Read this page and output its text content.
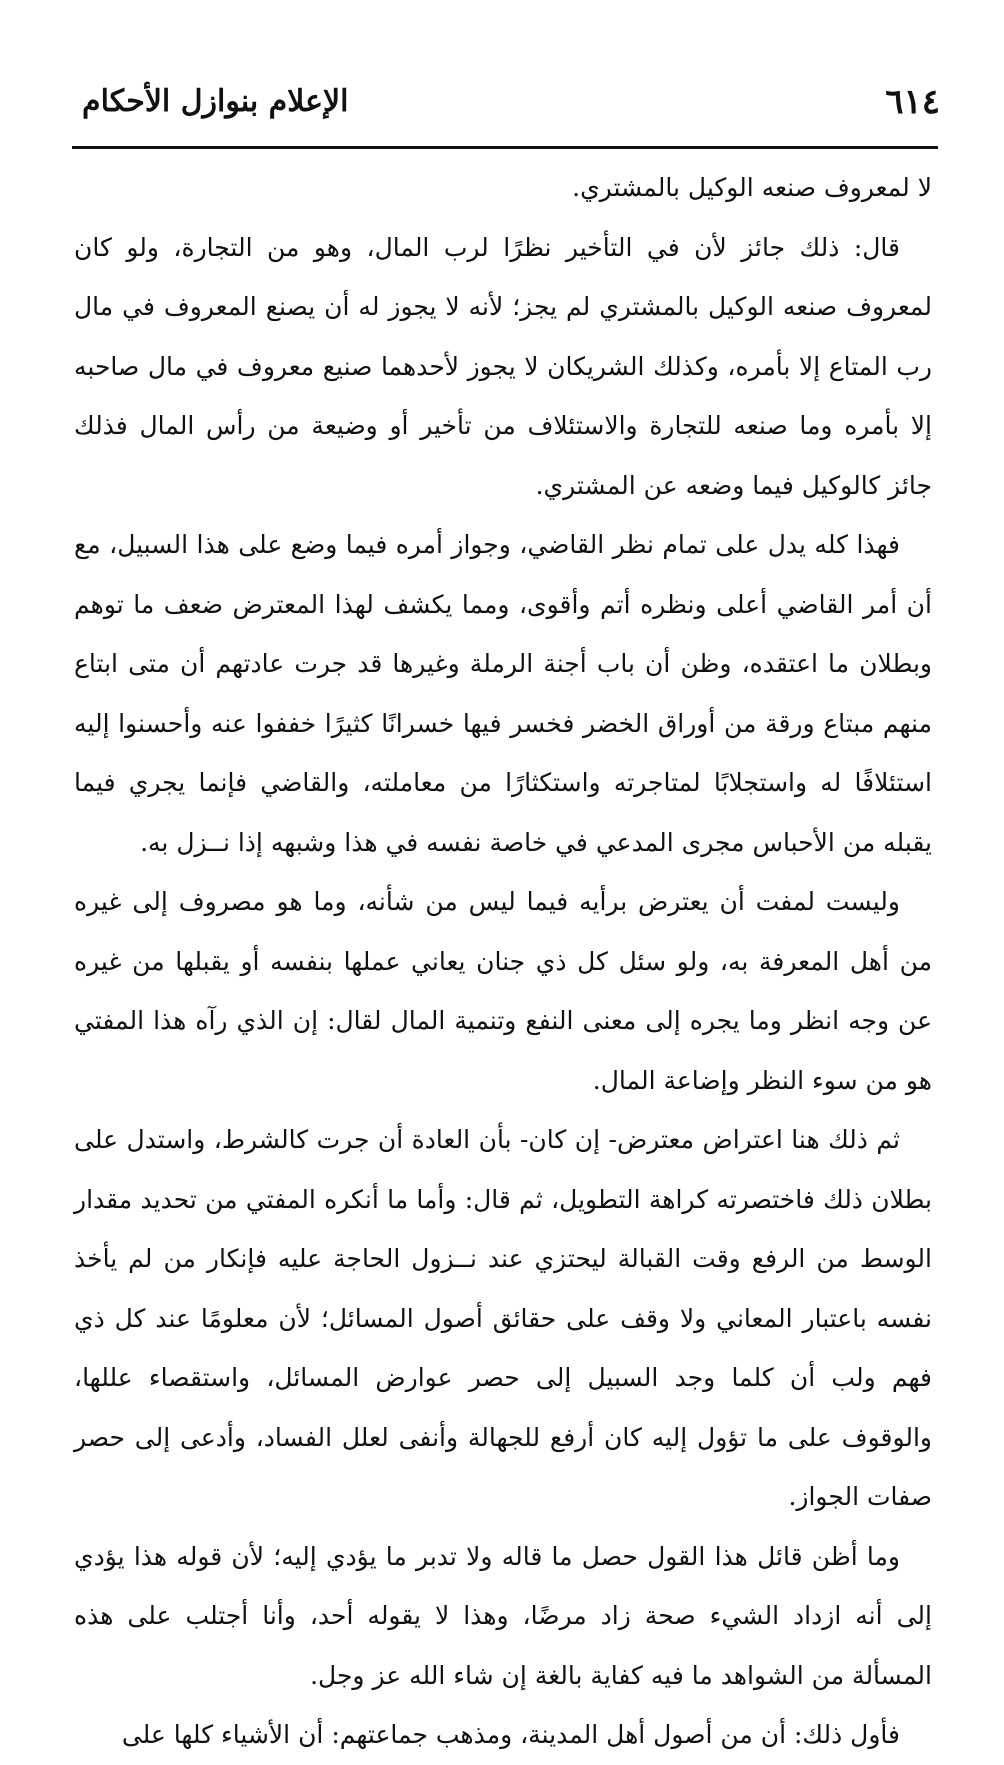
٦١٤
الإعلام بنوازل الأحكام

لا لمعروف صنعه الوكيل بالمشتري.

قال: ذلك جائز لأن في التأخير نظرًا لرب المال، وهو من التجارة، ولو كان لمعروف صنعه الوكيل بالمشتري لم يجز؛ لأنه لا يجوز له أن يصنع المعروف في مال رب المتاع إلا بأمره، وكذلك الشريكان لا يجوز لأحدهما صنيع معروف في مال صاحبه إلا بأمره وما صنعه للتجارة والاستئلاف من تأخير أو وضيعة من رأس المال فذلك جائز كالوكيل فيما وضعه عن المشتري.

فهذا كله يدل على تمام نظر القاضي، وجواز أمره فيما وضع على هذا السبيل، مع أن أمر القاضي أعلى ونظره أتم وأقوى، ومما يكشف لهذا المعترض ضعف ما توهم وبطلان ما اعتقده، وظن أن باب أجنة الرملة وغيرها قد جرت عادتهم أن متى ابتاع منهم مبتاع ورقة من أوراق الخضر فخسر فيها خسرانًا كثيرًا خففوا عنه وأحسنوا إليه استئلافًا له واستجلابًا لمتاجرته واستكثارًا من معاملته، والقاضي فإنما يجري فيما يقبله من الأحباس مجرى المدعي في خاصة نفسه في هذا وشبهه إذا نــزل به.

وليست لمفت أن يعترض برأيه فيما ليس من شأنه، وما هو مصروف إلى غيره من أهل المعرفة به، ولو سئل كل ذي جنان يعاني عملها بنفسه أو يقبلها من غيره عن وجه انظر وما يجره إلى معنى النفع وتنمية المال لقال: إن الذي رآه هذا المفتي هو من سوء النظر وإضاعة المال.

ثم ذلك هنا اعتراض معترض- إن كان- بأن العادة أن جرت كالشرط، واستدل على بطلان ذلك فاختصرته كراهة التطويل، ثم قال: وأما ما أنكره المفتي من تحديد مقدار الوسط من الرفع وقت القبالة ليحتزي عند نــزول الحاجة عليه فإنكار من لم يأخذ نفسه باعتبار المعاني ولا وقف على حقائق أصول المسائل؛ لأن معلومًا عند كل ذي فهم ولب أن كلما وجد السبيل إلى حصر عوارض المسائل، واستقصاء عللها، والوقوف على ما تؤول إليه كان أرفع للجهالة وأنفى لعلل الفساد، وأدعى إلى حصر صفات الجواز.

وما أظن قائل هذا القول حصل ما قاله ولا تدبر ما يؤدي إليه؛ لأن قوله هذا يؤدي إلى أنه ازداد الشيء صحة زاد مرضًا، وهذا لا يقوله أحد، وأنا أجتلب على هذه المسألة من الشواهد ما فيه كفاية بالغة إن شاء الله عز وجل.

فأول ذلك: أن من أصول أهل المدينة، ومذهب جماعتهم: أن الأشياء كلها على
